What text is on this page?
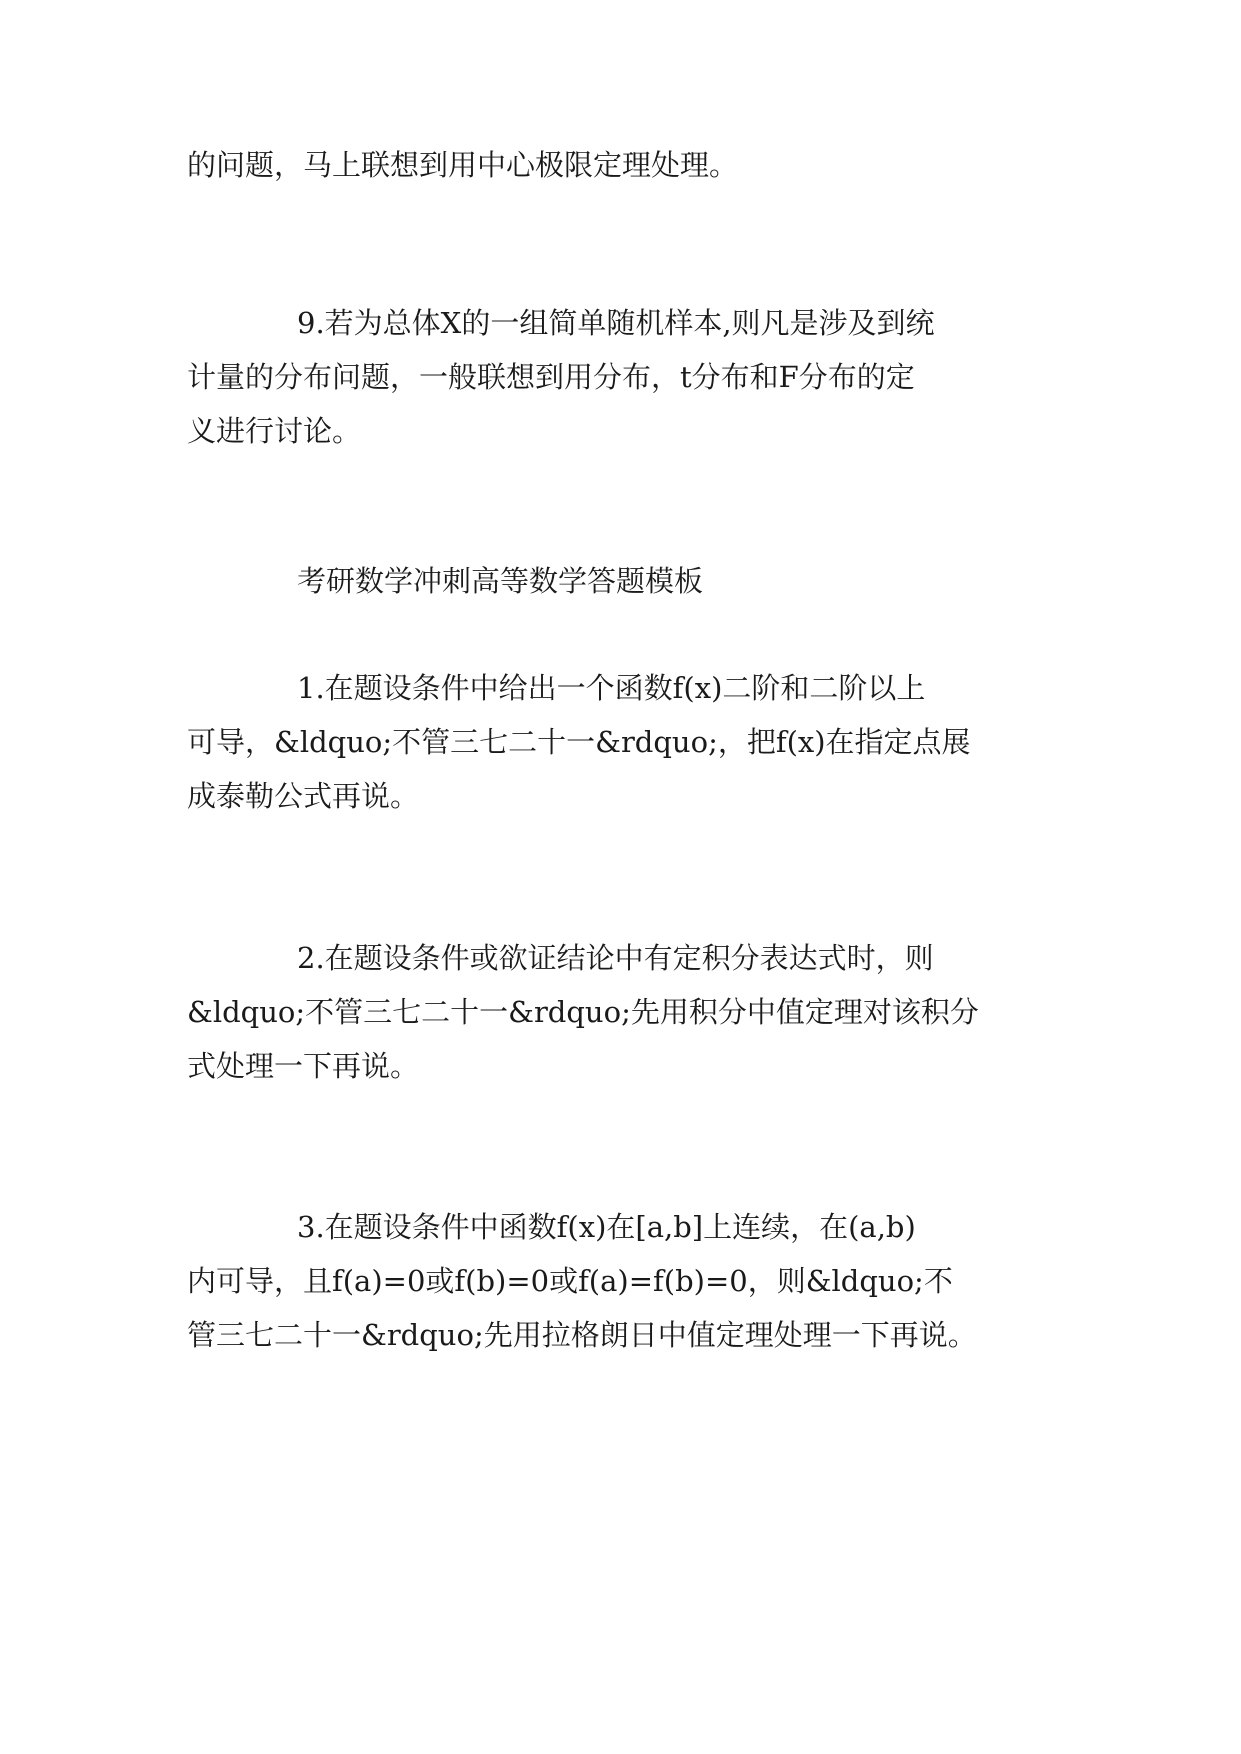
的问题，马上联想到用中心极限定理处理。
9.若为总体X的一组简单随机样本,则凡是涉及到统
计量的分布问题，一般联想到用分布，t分布和F分布的定
义进行讨论。
考研数学冲刺高等数学答题模板
1.在题设条件中给出一个函数f(x)二阶和二阶以上
可导，&ldquo;不管三七二十一&rdquo;，把f(x)在指定点展
成泰勒公式再说。
2.在题设条件或欲证结论中有定积分表达式时，则
&ldquo;不管三七二十一&rdquo;先用积分中值定理对该积分
式处理一下再说。
3.在题设条件中函数f(x)在[a,b]上连续，在(a,b)
内可导，且f(a)=0或f(b)=0或f(a)=f(b)=0，则&ldquo;不
管三七二十一&rdquo;先用拉格朗日中值定理处理一下再说。
